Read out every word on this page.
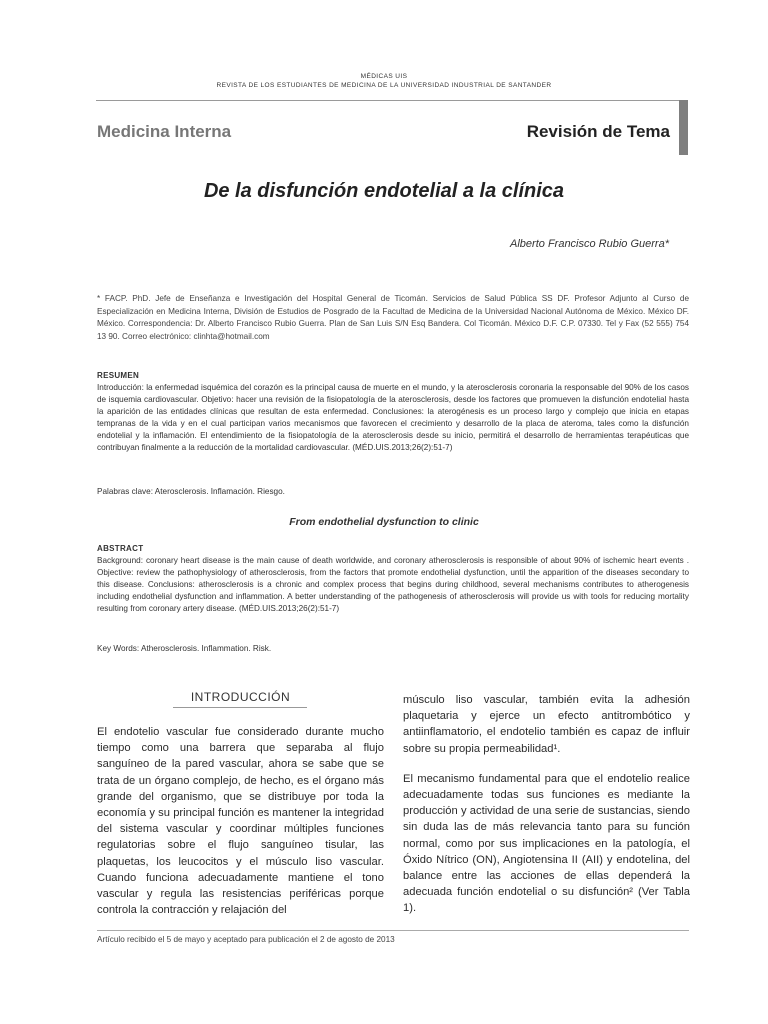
MÉDICAS UIS
REVISTA DE LOS ESTUDIANTES DE MEDICINA DE LA UNIVERSIDAD INDUSTRIAL DE SANTANDER
Medicina Interna	Revisión de Tema
De la disfunción endotelial a la clínica
Alberto Francisco Rubio Guerra*
* FACP. PhD. Jefe de Enseñanza e Investigación del Hospital General de Ticomán. Servicios de Salud Pública SS DF. Profesor Adjunto al Curso de Especialización en Medicina Interna, División de Estudios de Posgrado de la Facultad de Medicina de la Universidad Nacional Autónoma de México. México DF. México. Correspondencia: Dr. Alberto Francisco Rubio Guerra. Plan de San Luis S/N Esq Bandera. Col Ticomán. México D.F. C.P. 07330. Tel y Fax (52 555) 754 13 90. Correo electrónico: clinhta@hotmail.com
RESUMEN
Introducción: la enfermedad isquémica del corazón es la principal causa de muerte en el mundo, y la aterosclerosis coronaria la responsable del 90% de los casos de isquemia cardiovascular. Objetivo: hacer una revisión de la fisiopatología de la aterosclerosis, desde los factores que promueven la disfunción endotelial hasta la aparición de las entidades clínicas que resultan de esta enfermedad. Conclusiones: la aterogénesis es un proceso largo y complejo que inicia en etapas tempranas de la vida y en el cual participan varios mecanismos que favorecen el crecimiento y desarrollo de la placa de ateroma, tales como la disfunción endotelial y la inflamación. El entendimiento de la fisiopatología de la aterosclerosis desde su inicio, permitirá el desarrollo de herramientas terapéuticas que contribuyan finalmente a la reducción de la mortalidad cardiovascular. (MÉD.UIS.2013;26(2):51-7)
Palabras clave: Aterosclerosis. Inflamación. Riesgo.
From endothelial dysfunction to clinic
ABSTRACT
Background: coronary heart disease is the main cause of death worldwide, and coronary atherosclerosis is responsible of about 90% of ischemic heart events . Objective: review the pathophysiology of atherosclerosis, from the factors that promote endothelial dysfunction, until the apparition of the diseases secondary to this disease. Conclusions: atherosclerosis is a chronic and complex process that begins during childhood, several mechanisms contributes to atherogenesis including endothelial dysfunction and inflammation. A better understanding of the pathogenesis of atherosclerosis will provide us with tools for reducing mortality resulting from coronary artery disease. (MÉD.UIS.2013;26(2):51-7)
Key Words: Atherosclerosis. Inflammation. Risk.
INTRODUCCIÓN

El endotelio vascular fue considerado durante mucho tiempo como una barrera que separaba al flujo sanguíneo de la pared vascular, ahora se sabe que se trata de un órgano complejo, de hecho, es el órgano más grande del organismo, que se distribuye por toda la economía y su principal función es mantener la integridad del sistema vascular y coordinar múltiples funciones regulatorias sobre el flujo sanguíneo tisular, las plaquetas, los leucocitos y el músculo liso vascular. Cuando funciona adecuadamente mantiene el tono vascular y regula las resistencias periféricas porque controla la contracción y relajación del

músculo liso vascular, también evita la adhesión plaquetaria y ejerce un efecto antitrombótico y antiinflamatorio, el endotelio también es capaz de influir sobre su propia permeabilidad¹.

El mecanismo fundamental para que el endotelio realice adecuadamente todas sus funciones es mediante la producción y actividad de una serie de sustancias, siendo sin duda las de más relevancia tanto para su función normal, como por sus implicaciones en la patología, el Óxido Nítrico (ON), Angiotensina II (AII) y endotelina, del balance entre las acciones de ellas dependerá la adecuada función endotelial o su disfunción² (Ver Tabla 1).

Artículo recibido el 5 de mayo y aceptado para publicación el 2 de agosto de 2013
